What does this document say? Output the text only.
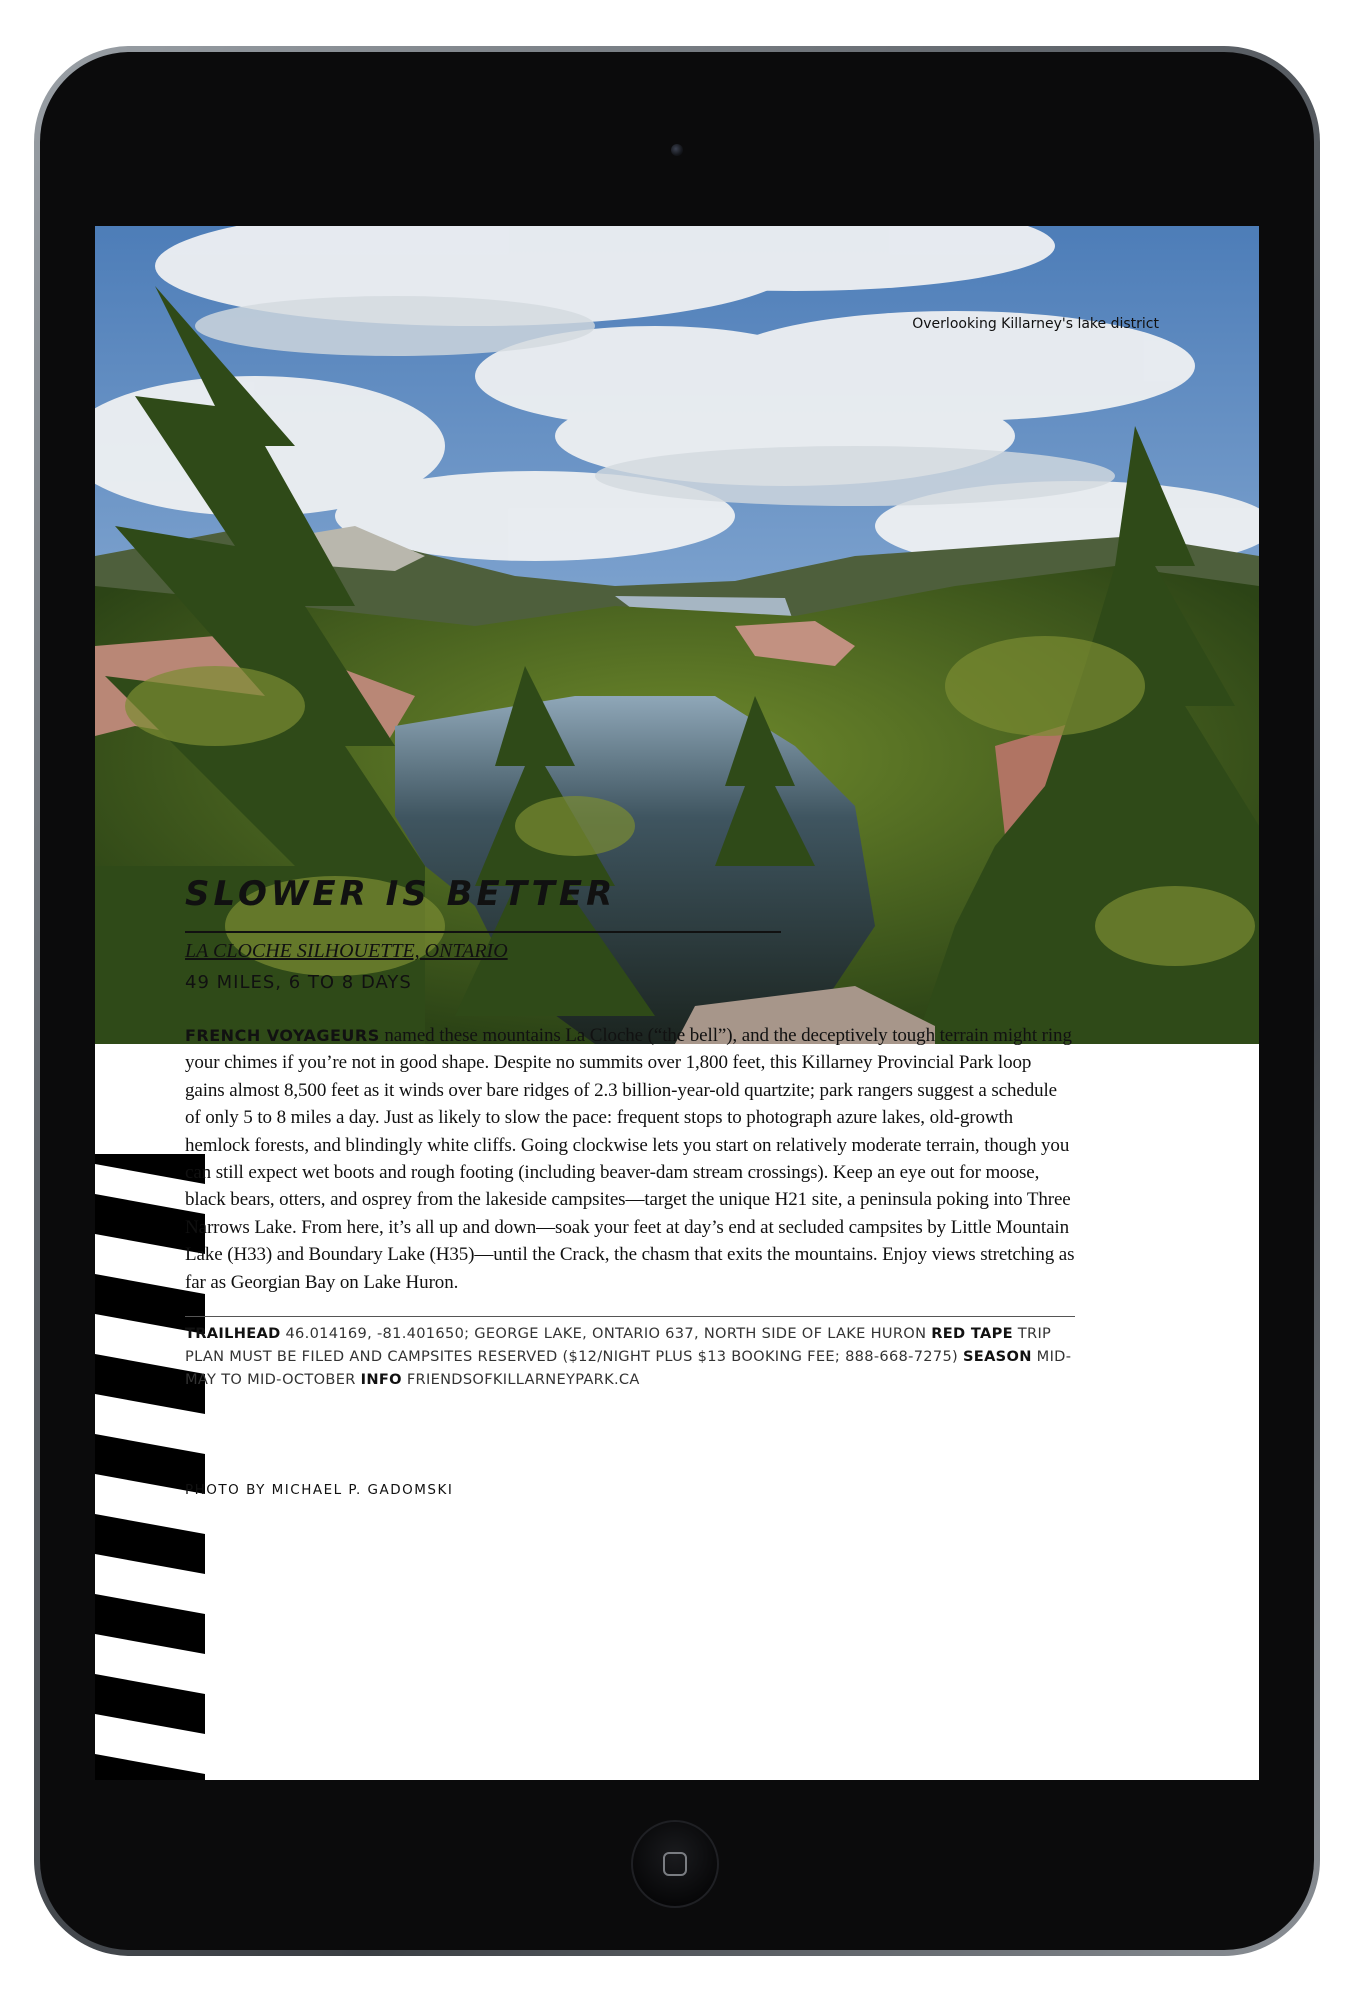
Overlooking Killarney's lake district
SLOWER IS BETTER
LA CLOCHE SILHOUETTE, ONTARIO
49 MILES, 6 TO 8 DAYS

FRENCH VOYAGEURS named these mountains La Cloche (“the bell”), and the deceptively tough terrain might ring your chimes if you’re not in good shape. Despite no summits over 1,800 feet, this Killarney Provincial Park loop gains almost 8,500 feet as it winds over bare ridges of 2.3 billion-year-old quartzite; park rangers suggest a schedule of only 5 to 8 miles a day. Just as likely to slow the pace: frequent stops to photograph azure lakes, old-growth hemlock forests, and blindingly white cliffs. Going clockwise lets you start on relatively moderate terrain, though you can still expect wet boots and rough footing (including beaver-dam stream crossings). Keep an eye out for moose, black bears, otters, and osprey from the lakeside campsites—target the unique H21 site, a peninsula poking into Three Narrows Lake. From here, it’s all up and down—soak your feet at day’s end at secluded campsites by Little Mountain Lake (H33) and Boundary Lake (H35)—until the Crack, the chasm that exits the mountains. Enjoy views stretching as far as Georgian Bay on Lake Huron.

TRAILHEAD 46.014169, -81.401650; GEORGE LAKE, ONTARIO 637, NORTH SIDE OF LAKE HURON RED TAPE TRIP PLAN MUST BE FILED AND CAMPSITES RESERVED ($12/NIGHT PLUS $13 BOOKING FEE; 888-668-7275) SEASON MID-MAY TO MID-OCTOBER INFO FRIENDSOFKILLARNEYPARK.CA

PHOTO BY MICHAEL P. GADOMSKI
